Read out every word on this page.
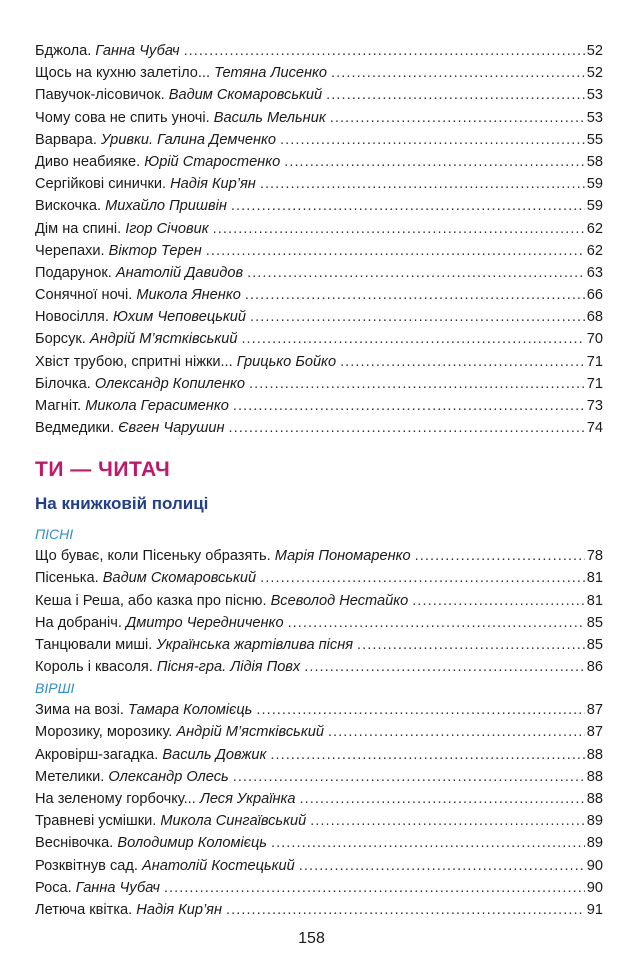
Бджола. Ганна Чубач . . .	52
Щось на кухню залетіло... Тетяна Лисенко . . .	52
Павучок-лісовичок. Вадим Скомаровський . . .	53
Чому сова не спить уночі. Василь Мельник . . .	53
Варвара. Уривки. Галина Демченко . . .	55
Диво неабияке. Юрій Старостенко . . .	58
Сергійкові синички. Надія Кир’ян . . .	59
Вискочка. Михайло Пришвін . . .	59
Дім на спині. Ігор Січовик . . .	62
Черепахи. Віктор Терен . . .	62
Подарунок. Анатолій Давидов . . .	63
Сонячної ночі. Микола Яненко . . .	66
Новосілля. Юхим Чеповецький . . .	68
Борсук. Андрій М’ястківський . . .	70
Хвіст трубою, спритні ніжки... Грицько Бойко . . .	71
Білочка. Олександр Копиленко . . .	71
Магніт. Микола Герасименко . . .	73
Ведмедики. Євген Чарушин . . .	74
ТИ — ЧИТАЧ
На книжковій полиці
ПІСНІ
Що буває, коли Пісеньку образять. Марія Пономаренко . . .	78
Пісенька. Вадим Скомаровський . . .	81
Кеша і Реша, або казка про пісню. Всеволод Нестайко . . .	81
На добраніч. Дмитро Чередниченко . . .	85
Танцювали миші. Українська жартівлива пісня . . .	85
Король і квасоля. Пісня-гра. Лідія Повх . . .	86
ВІРШІ
Зима на возі. Тамара Коломієць . . .	87
Морозику, морозику. Андрій М’ястківський . . .	87
Акровірш-загадка. Василь Довжик . . .	88
Метелики. Олександр Олесь . . .	88
На зеленому горбочку... Леся Українка . . .	88
Травневі усмішки. Микола Сингаївський . . .	89
Веснівочка. Володимир Коломієць . . .	89
Розквітнув сад. Анатолій Костецький . . .	90
Роса. Ганна Чубач . . .	90
Летюча квітка. Надія Кир’ян . . .	91
158
